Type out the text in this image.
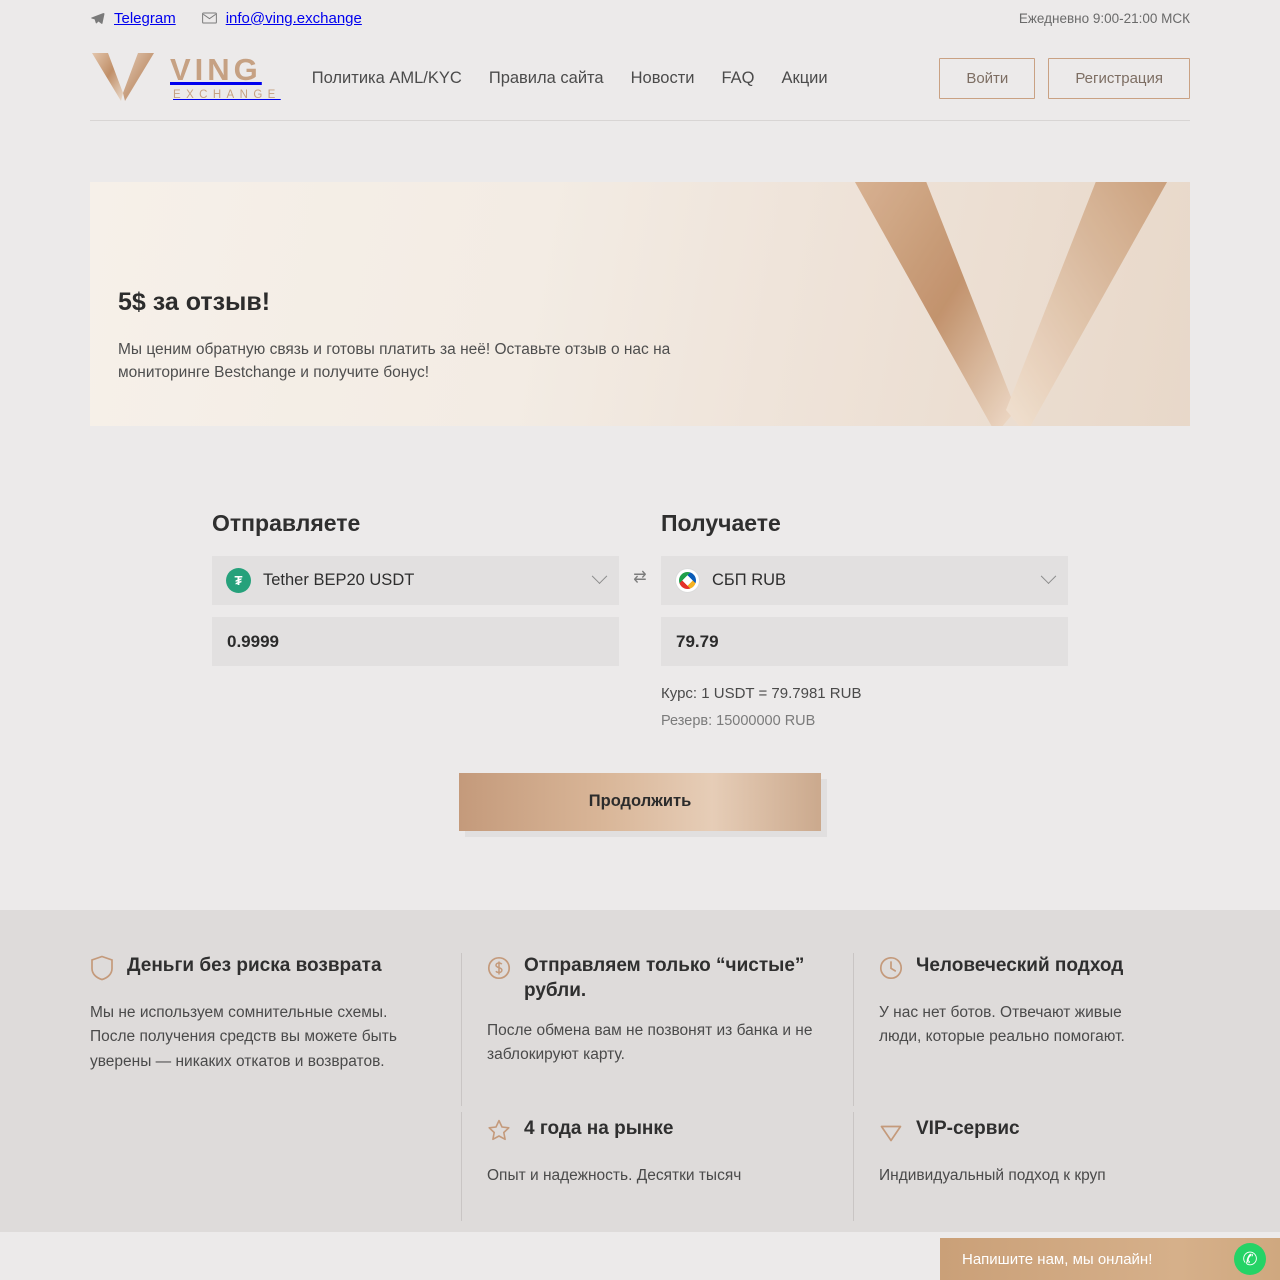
Telegram	info@ving.exchange	Ежедневно 9:00-21:00 МСК
VING
EXCHANGE
Политика AML/KYC Правила сайта Новости FAQ Акции	Войти	Регистрация
5$ за отзыв!

Мы ценим обратную связь и готовы платить за неё! Оставьте отзыв о нас на мониторинге Bestchange и получите бонус!

Отправляете
₮	Tether BEP20 USDT
0.9999
Получаете
СБП RUB
79.79
Курс: 1 USDT = 79.7981 RUB
Резерв: 15000000 RUB
⇄
Продолжить
Деньги без риска возврата

Мы не используем сомнительные схемы. После получения средств вы можете быть уверены — никаких откатов и возвратов.

Отправляем только “чистые” рубли.

После обмена вам не позвонят из банка и не заблокируют карту.

Человеческий подход

У нас нет ботов. Отвечают живые люди, которые реально помогают.

4 года на рынке

Опыт и надежность. Десятки тысяч

VIP-сервис

Индивидуальный подход к круп

Напишите нам, мы онлайн!	✆
